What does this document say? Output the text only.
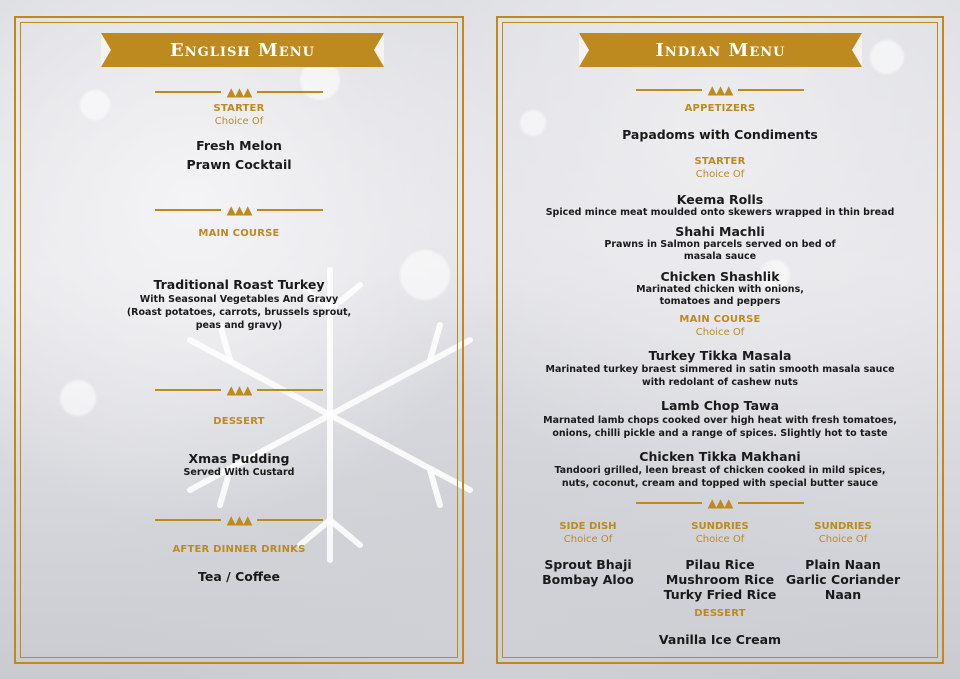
English Menu
▲▲▲
STARTER
Choice Of
Fresh Melon
Prawn Cocktail
▲▲▲
MAIN COURSE
Traditional Roast Turkey
With Seasonal Vegetables And Gravy
(Roast potatoes, carrots, brussels sprout,
peas and gravy)
▲▲▲
DESSERT
Xmas Pudding
Served With Custard
▲▲▲
AFTER DINNER DRINKS
Tea / Coffee
Indian Menu
▲▲▲
APPETIZERS
Papadoms with Condiments
STARTER
Choice Of
Keema Rolls
Spiced mince meat moulded onto skewers wrapped in thin bread
Shahi Machli
Prawns in Salmon parcels served on bed of
masala sauce
Chicken Shashlik
Marinated chicken with onions,
tomatoes and peppers
MAIN COURSE
Choice Of
Turkey Tikka Masala
Marinated turkey braest simmered in satin smooth masala sauce
with redolant of cashew nuts
Lamb Chop Tawa
Marnated lamb chops cooked over high heat with fresh tomatoes,
onions, chilli pickle and a range of spices. Slightly hot to taste
Chicken Tikka Makhani
Tandoori grilled, leen breast of chicken cooked in mild spices,
nuts, coconut, cream and topped with special butter sauce
▲▲▲
SIDE DISH
Choice Of
Sprout Bhaji
Bombay Aloo
SUNDRIES
Choice Of
Pilau Rice
Mushroom Rice
Turky Fried Rice
SUNDRIES
Choice Of
Plain Naan
Garlic Coriander
Naan
DESSERT
Vanilla Ice Cream
